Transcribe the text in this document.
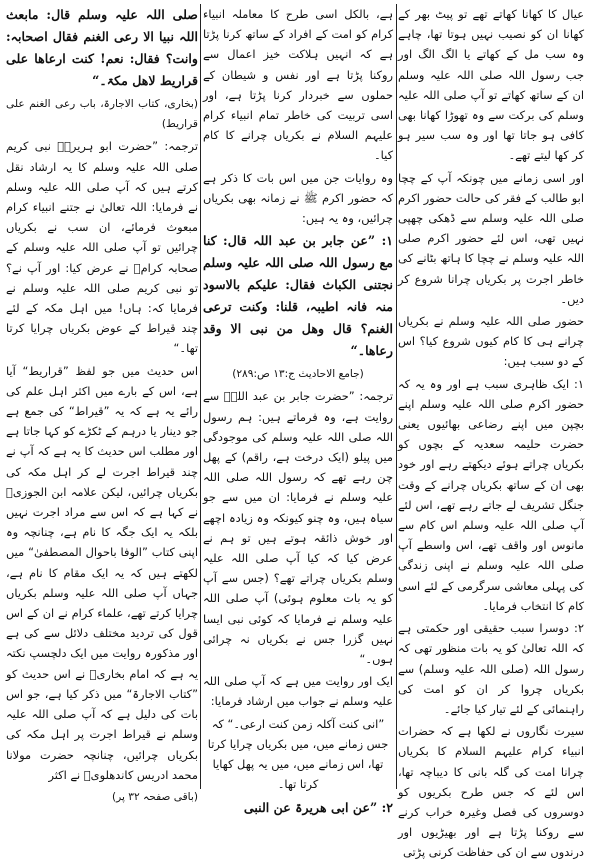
عیال کا کھانا کھاتے تھے تو پیٹ بھر کے کھانا ان کو نصیب نہیں ہوتا تھا، چاہے وہ سب مل کے کھاتے یا الگ الگ اور جب رسول اللہ صلی اللہ علیہ وسلم ان کے ساتھ کھاتے تو آپ صلی اللہ علیہ وسلم کی برکت سے وہ تھوڑا کھانا بھی کافی ہو جاتا تھا اور وہ سب سیر ہو کر کھا لیتے تھے۔

اور اسی زمانے میں چونکہ آپ کے چچا ابو طالب کے فقر کی حالت حضور اکرم صلی اللہ علیہ وسلم سے ڈھکی چھپی نہیں تھی، اس لئے حضور اکرم صلی اللہ علیہ وسلم نے چچا کا ہاتھ بٹانے کی خاطر اجرت پر بکریاں چرانا شروع کر دیں۔

حضور صلی اللہ علیہ وسلم نے بکریاں چرانے ہی کا کام کیوں شروع کیا؟ اس کے دو سبب ہیں:

۱: ایک ظاہری سبب ہے اور وہ یہ کہ حضور اکرم صلی اللہ علیہ وسلم اپنے بچپن میں اپنے رضاعی بھائیوں یعنی حضرت حلیمہ سعدیہ کے بچوں کو بکریاں چراتے ہوئے دیکھتے رہے اور خود بھی ان کے ساتھ بکریاں چرانے کے وقت جنگل تشریف لے جاتے رہے تھے، اس لئے آپ صلی اللہ علیہ وسلم اس کام سے مانوس اور واقف تھے، اس واسطے آپ صلی اللہ علیہ وسلم نے اپنی زندگی کی پہلی معاشی سرگرمی کے لئے اسی کام کا انتخاب فرمایا۔

۲: دوسرا سبب حقیقی اور حکمتی ہے کہ اللہ تعالیٰ کو یہ بات منظور تھی کہ رسول اللہ (صلی اللہ علیہ وسلم) سے بکریاں چروا کر ان کو امت کی راہنمائی کے لئے تیار کیا جائے۔

سیرت نگاروں نے لکھا ہے کہ حضرات انبیاء کرام علیہم السلام کا بکریاں چرانا امت کی گلہ بانی کا دیباچہ تھا، اس لئے کہ جس طرح بکریوں کو دوسروں کی فصل وغیرہ خراب کرنے سے روکنا پڑتا ہے اور بھیڑیوں اور درندوں سے ان کی حفاظت کرنی پڑتی

ہے، بالکل اسی طرح کا معاملہ انبیاء کرام کو امت کے افراد کے ساتھ کرنا پڑتا ہے کہ انہیں ہلاکت خیز اعمال سے روکنا پڑتا ہے اور نفس و شیطان کے حملوں سے خبردار کرنا پڑتا ہے، اور اسی تربیت کی خاطر تمام انبیاء کرام علیہم السلام نے بکریاں چرانے کا کام کیا۔

وہ روایات جن میں اس بات کا ذکر ہے کہ حضور اکرم ﷺ نے زمانہ بھی بکریاں چرائیں، وہ یہ ہیں:

۱: ”عن جابر بن عبد اللہ قال: کنا مع رسول اللہ صلی اللہ علیہ وسلم نجتنی الکباث فقال: علیکم بالاسود منہ فانہ اطیبہ، قلنا: وکنت ترعی الغنم؟ قال وھل من نبی الا وقد رعاھا۔“

(جامع الاحادیث ج:۱۳ ص:۲۸۹)

ترجمہ: ”حضرت جابر بن عبد اللہؓ سے روایت ہے، وہ فرماتے ہیں: ہم رسول اللہ صلی اللہ علیہ وسلم کی موجودگی میں پیلو (ایک درخت ہے، راقم) کے پھل چن رہے تھے کہ رسول اللہ صلی اللہ علیہ وسلم نے فرمایا: ان میں سے جو سیاہ ہیں، وہ چنو کیونکہ وہ زیادہ اچھے اور خوش ذائقہ ہوتے ہیں تو ہم نے عرض کیا کہ کیا آپ صلی اللہ علیہ وسلم بکریاں چراتے تھے؟ (جس سے آپ کو یہ بات معلوم ہوئی) آپ صلی اللہ علیہ وسلم نے فرمایا کہ کوئی نبی ایسا نہیں گزرا جس نے بکریاں نہ چرائی ہوں۔“

ایک اور روایت میں ہے کہ آپ صلی اللہ علیہ وسلم نے جواب میں ارشاد فرمایا:

”انی کنت آکلہ زمن کنت ارعی۔“ کہ جس زمانے میں، میں بکریاں چرایا کرتا تھا، اس زمانے میں، میں یہ پھل کھایا کرتا تھا۔

۲: ”عن ابی ھریرۃ عن النبی

صلی اللہ علیہ وسلم قال: مابعث اللہ نبیا الا رعی الغنم فقال اصحابہ: وانت؟ فقال: نعم! کنت ارعاھا علی قراریط لاھل مکۃ۔“

(بخاری، کتاب الاجارۃ، باب رعی الغنم علی قراریط)

ترجمہ: ”حضرت ابو ہریرہؓ نبی کریم صلی اللہ علیہ وسلم کا یہ ارشاد نقل کرتے ہیں کہ آپ صلی اللہ علیہ وسلم نے فرمایا: اللہ تعالیٰ نے جتنے انبیاء کرام مبعوث فرمائے، ان سب نے بکریاں چرائیں تو آپ صلی اللہ علیہ وسلم کے صحابہ کرامؓ نے عرض کیا: اور آپ نے؟ تو نبی کریم صلی اللہ علیہ وسلم نے فرمایا کہ: ہاں! میں اہل مکہ کے لئے چند قیراط کے عوض بکریاں چرایا کرتا تھا۔“

اس حدیث میں جو لفظ ”قراریط“ آیا ہے، اس کے بارے میں اکثر اہل علم کی رائے یہ ہے کہ یہ ”قیراط“ کی جمع ہے جو دینار یا درہم کے ٹکڑے کو کہا جاتا ہے اور مطلب اس حدیث کا یہ ہے کہ آپ نے چند قیراط اجرت لے کر اہل مکہ کی بکریاں چرائیں، لیکن علامہ ابن الجوزیؒ نے کہا ہے کہ اس سے مراد اجرت نہیں بلکہ یہ ایک جگہ کا نام ہے، چنانچہ وہ اپنی کتاب ”الوفا باحوال المصطفیٰ“ میں لکھتے ہیں کہ یہ ایک مقام کا نام ہے، جہاں آپ صلی اللہ علیہ وسلم بکریاں چرایا کرتے تھے، علماء کرام نے ان کے اس قول کی تردید مختلف دلائل سے کی ہے اور مذکورہ روایت میں ایک دلچسپ نکتہ یہ ہے کہ امام بخاریؒ نے اس حدیث کو ”کتاب الاجارۃ“ میں ذکر کیا ہے، جو اس بات کی دلیل ہے کہ آپ صلی اللہ علیہ وسلم نے قیراط اجرت پر اہل مکہ کی بکریاں چرائیں، چنانچہ حضرت مولانا محمد ادریس کاندھلویؒ نے اکثر

(باقی صفحہ ۳۲ پر)
